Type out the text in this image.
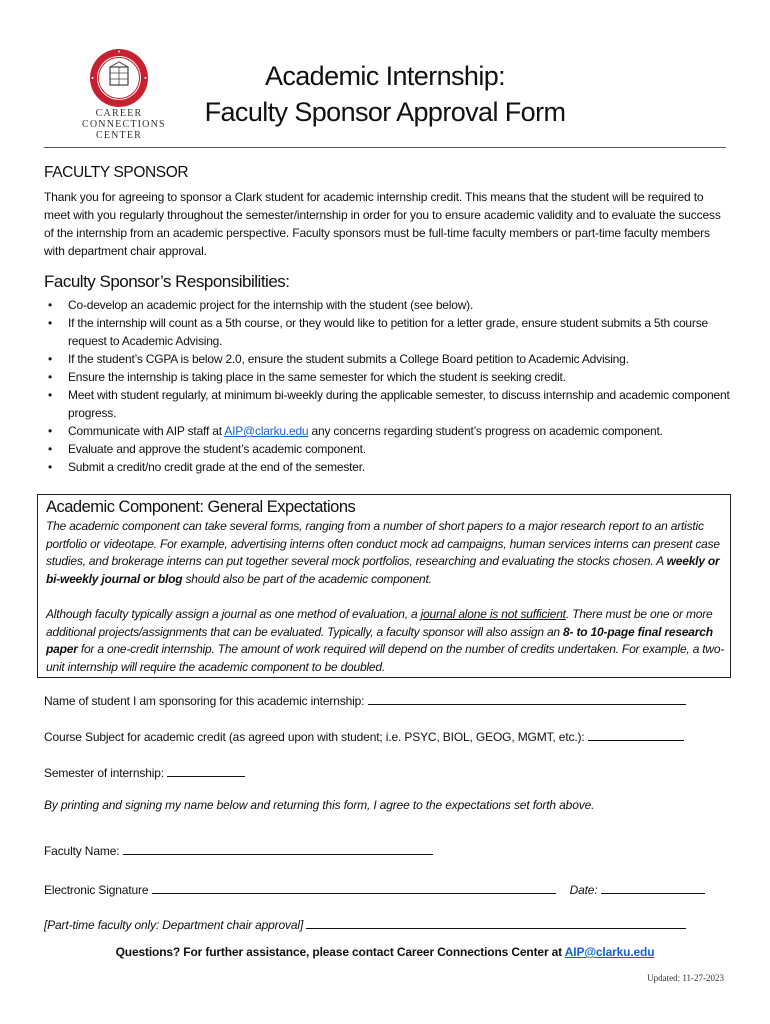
CAREER
CONNECTIONS
CENTER
Academic Internship:
Faculty Sponsor Approval Form
FACULTY SPONSOR
Thank you for agreeing to sponsor a Clark student for academic internship credit. This means that the student will be required to meet with you regularly throughout the semester/internship in order for you to ensure academic validity and to evaluate the success of the internship from an academic perspective. Faculty sponsors must be full-time faculty members or part-time faculty members with department chair approval.
Faculty Sponsor’s Responsibilities:
• Co-develop an academic project for the internship with the student (see below).
• If the internship will count as a 5th course, or they would like to petition for a letter grade, ensure student submits a 5th course request to Academic Advising.
• If the student’s CGPA is below 2.0, ensure the student submits a College Board petition to Academic Advising.
• Ensure the internship is taking place in the same semester for which the student is seeking credit.
• Meet with student regularly, at minimum bi-weekly during the applicable semester, to discuss internship and academic component progress.
• Communicate with AIP staff at AIP@clarku.edu any concerns regarding student’s progress on academic component.
• Evaluate and approve the student’s academic component.
• Submit a credit/no credit grade at the end of the semester.
Academic Component: General Expectations
The academic component can take several forms, ranging from a number of short papers to a major research report to an artistic portfolio or videotape. For example, advertising interns often conduct mock ad campaigns, human services interns can present case studies, and brokerage interns can put together several mock portfolios, researching and evaluating the stocks chosen. A weekly or bi-weekly journal or blog should also be part of the academic component.
Although faculty typically assign a journal as one method of evaluation, a journal alone is not sufficient. There must be one or more additional projects/assignments that can be evaluated. Typically, a faculty sponsor will also assign an 8- to 10-page final research paper for a one-credit internship. The amount of work required will depend on the number of credits undertaken. For example, a two-unit internship will require the academic component to be doubled.
Name of student I am sponsoring for this academic internship:
Course Subject for academic credit (as agreed upon with student; i.e. PSYC, BIOL, GEOG, MGMT, etc.):
Semester of internship:
By printing and signing my name below and returning this form, I agree to the expectations set forth above.
Faculty Name:
Electronic Signature	Date:
[Part-time faculty only: Department chair approval]
Questions? For further assistance, please contact Career Connections Center at AIP@clarku.edu
Updated: 11-27-2023
